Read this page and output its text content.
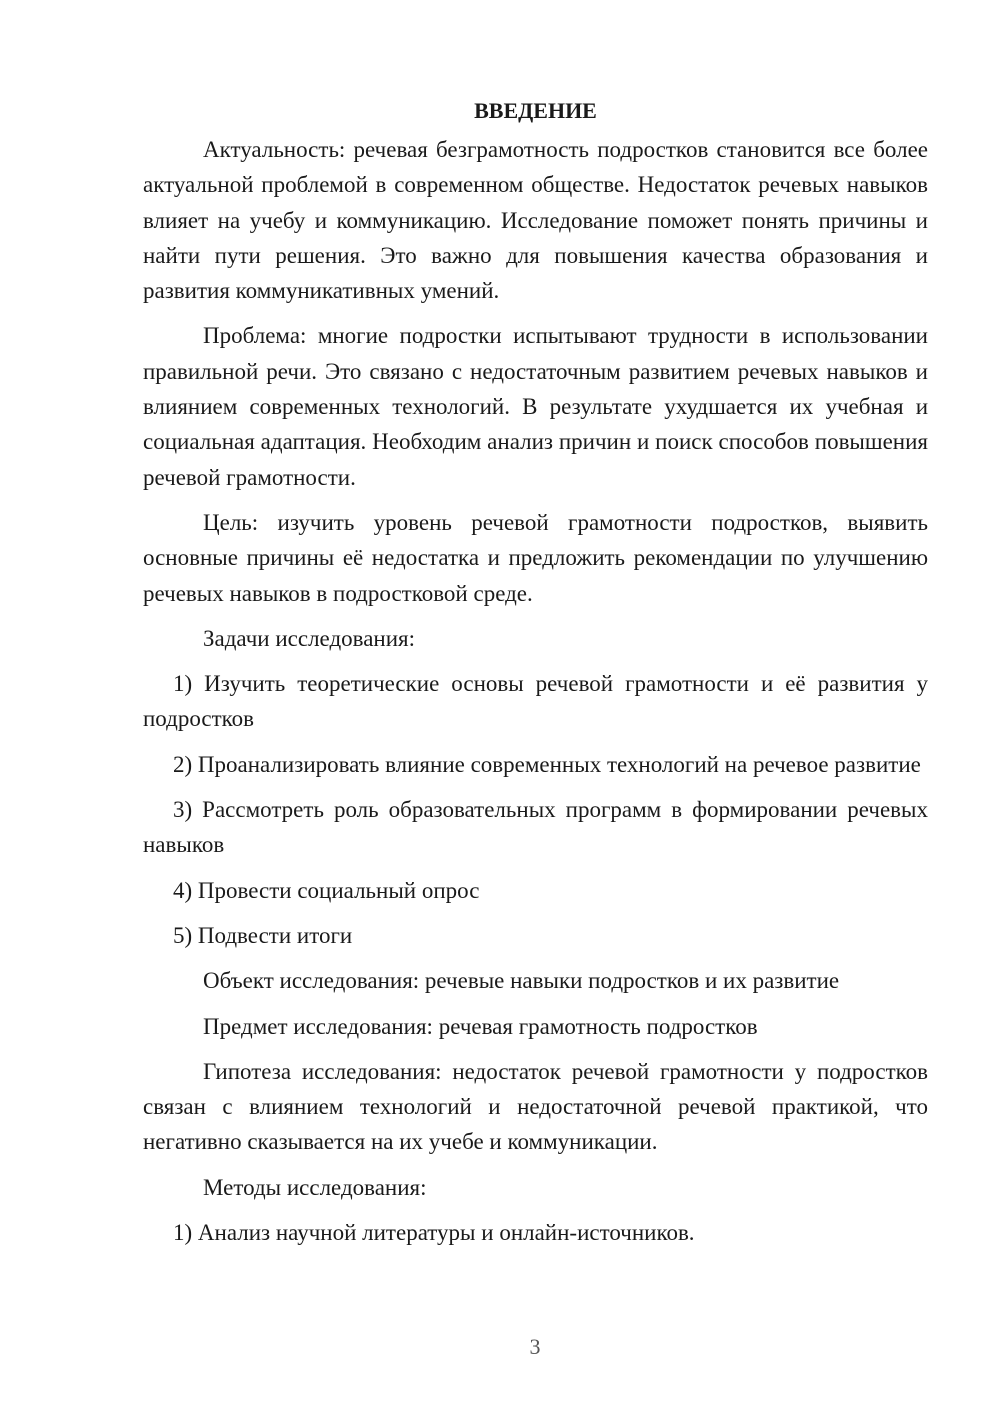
ВВЕДЕНИЕ

Актуальность: речевая безграмотность подростков становится все более актуальной проблемой в современном обществе. Недостаток речевых навыков влияет на учебу и коммуникацию. Исследование поможет понять причины и найти пути решения. Это важно для повышения качества образования и развития коммуникативных умений.

Проблема: многие подростки испытывают трудности в использовании правильной речи. Это связано с недостаточным развитием речевых навыков и влиянием современных технологий. В результате ухудшается их учебная и социальная адаптация. Необходим анализ причин и поиск способов повышения речевой грамотности.

Цель: изучить уровень речевой грамотности подростков, выявить основные причины её недостатка и предложить рекомендации по улучшению речевых навыков в подростковой среде.

Задачи исследования:

1) Изучить теоретические основы речевой грамотности и её развития у подростков

2) Проанализировать влияние современных технологий на речевое развитие

3) Рассмотреть роль образовательных программ в формировании речевых навыков

4) Провести социальный опрос

5) Подвести итоги

Объект исследования: речевые навыки подростков и их развитие

Предмет исследования: речевая грамотность подростков

Гипотеза исследования: недостаток речевой грамотности у подростков связан с влиянием технологий и недостаточной речевой практикой, что негативно сказывается на их учебе и коммуникации.

Методы исследования:

1) Анализ научной литературы и онлайн-источников.

3
